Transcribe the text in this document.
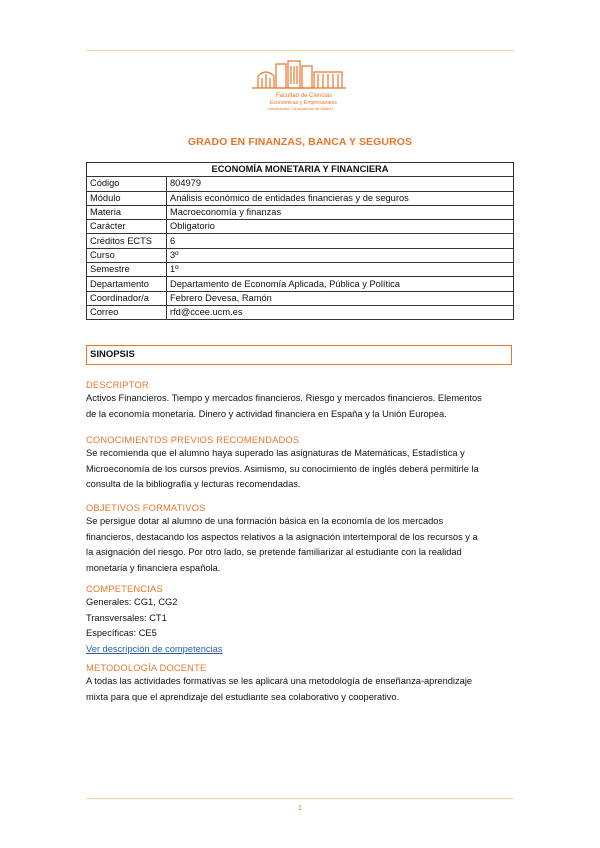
Facultad de Ciencias
Económicas y Empresariales
Universidad Complutense de Madrid
GRADO EN FINANZAS, BANCA Y SEGUROS
ECONOMÍA MONETARIA Y FINANCIERA	
Código	804979
Módulo	Análisis económico de entidades financieras y de seguros
Materia	Macroeconomía y finanzas
Carácter	Obligatorio
Créditos ECTS	6
Curso	3º
Semestre	1º
Departamento	Departamento de Economía Aplicada, Pública y Política
Coordinador/a	Febrero Devesa, Ramón
Correo	rfd@ccee.ucm.es
SINOPSIS
DESCRIPTOR
Activos Financieros. Tiempo y mercados financieros. Riesgo y mercados financieros. Elementos
de la economía monetaria. Dinero y actividad financiera en España y la Unión Europea.
CONOCIMIENTOS PREVIOS RECOMENDADOS
Se recomienda que el alumno haya superado las asignaturas de Matemáticas, Estadística y
Microeconomía de los cursos previos. Asimismo, su conocimiento de inglés deberá permitirle la
consulta de la bibliografía y lecturas recomendadas.
OBJETIVOS FORMATIVOS
Se persigue dotar al alumno de una formación básica en la economía de los mercados
financieros, destacando los aspectos relativos a la asignación intertemporal de los recursos y a
la asignación del riesgo. Por otro lado, se pretende familiarizar al estudiante con la realidad
monetaria y financiera española.
COMPETENCIAS
Generales: CG1, CG2
Transversales: CT1
Específicas: CE5
Ver descripción de competencias
METODOLOGÍA DOCENTE
A todas las actividades formativas se les aplicará una metodología de enseñanza-aprendizaje
mixta para que el aprendizaje del estudiante sea colaborativo y cooperativo.
1
